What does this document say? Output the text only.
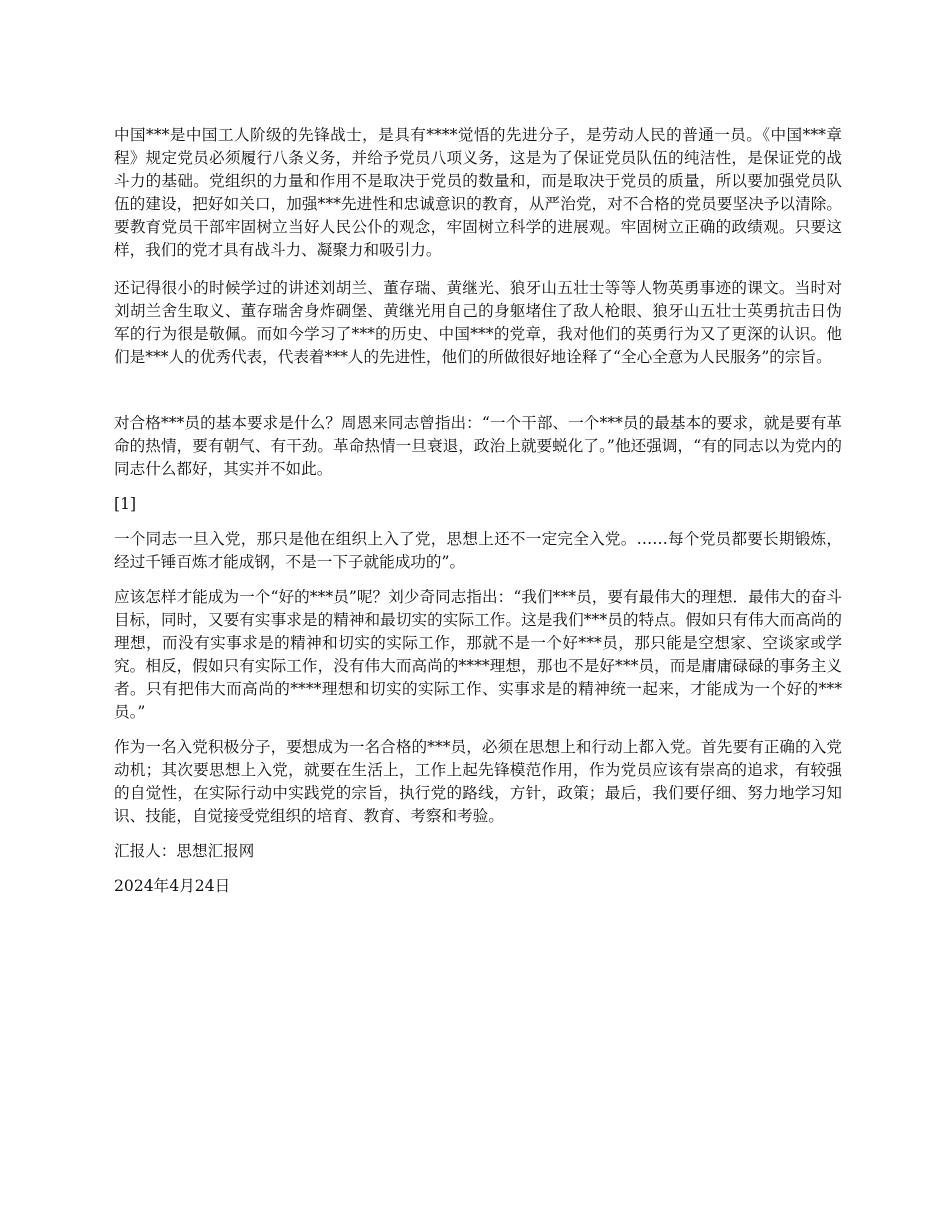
中国***是中国工人阶级的先锋战士，是具有****觉悟的先进分子，是劳动人民的普通一员。《中国***章程》规定党员必须履行八条义务，并给予党员八项义务，这是为了保证党员队伍的纯洁性，是保证党的战斗力的基础。党组织的力量和作用不是取决于党员的数量和，而是取决于党员的质量，所以要加强党员队伍的建设，把好如关口，加强***先进性和忠诚意识的教育，从严治党，对不合格的党员要坚决予以清除。要教育党员干部牢固树立当好人民公仆的观念，牢固树立科学的进展观。牢固树立正确的政绩观。只要这样，我们的党才具有战斗力、凝聚力和吸引力。

还记得很小的时候学过的讲述刘胡兰、董存瑞、黄继光、狼牙山五壮士等等人物英勇事迹的课文。当时对刘胡兰舍生取义、董存瑞舍身炸碉堡、黄继光用自己的身躯堵住了敌人枪眼、狼牙山五壮士英勇抗击日伪军的行为很是敬佩。而如今学习了***的历史、中国***的党章，我对他们的英勇行为又了更深的认识。他们是***人的优秀代表，代表着***人的先进性，他们的所做很好地诠释了“全心全意为人民服务”的宗旨。

对合格***员的基本要求是什么？周恩来同志曾指出：“一个干部、一个***员的最基本的要求，就是要有革命的热情，要有朝气、有干劲。革命热情一旦衰退，政治上就要蜕化了。”他还强调，“有的同志以为党内的同志什么都好，其实并不如此。

[1]

一个同志一旦入党，那只是他在组织上入了党，思想上还不一定完全入党。……每个党员都要长期锻炼，经过千锤百炼才能成钢，不是一下子就能成功的”。

应该怎样才能成为一个“好的***员”呢？刘少奇同志指出：“我们***员，要有最伟大的理想．最伟大的奋斗目标，同时，又要有实事求是的精神和最切实的实际工作。这是我们***员的特点。假如只有伟大而高尚的理想，而没有实事求是的精神和切实的实际工作，那就不是一个好***员，那只能是空想家、空谈家或学究。相反，假如只有实际工作，没有伟大而高尚的****理想，那也不是好***员，而是庸庸碌碌的事务主义者。只有把伟大而高尚的****理想和切实的实际工作、实事求是的精神统一起来，才能成为一个好的***员。”

作为一名入党积极分子，要想成为一名合格的***员，必须在思想上和行动上都入党。首先要有正确的入党动机；其次要思想上入党，就要在生活上，工作上起先锋模范作用，作为党员应该有崇高的追求，有较强的自觉性，在实际行动中实践党的宗旨，执行党的路线，方针，政策；最后，我们要仔细、努力地学习知识、技能，自觉接受党组织的培育、教育、考察和考验。

汇报人：思想汇报网

2024年4月24日
